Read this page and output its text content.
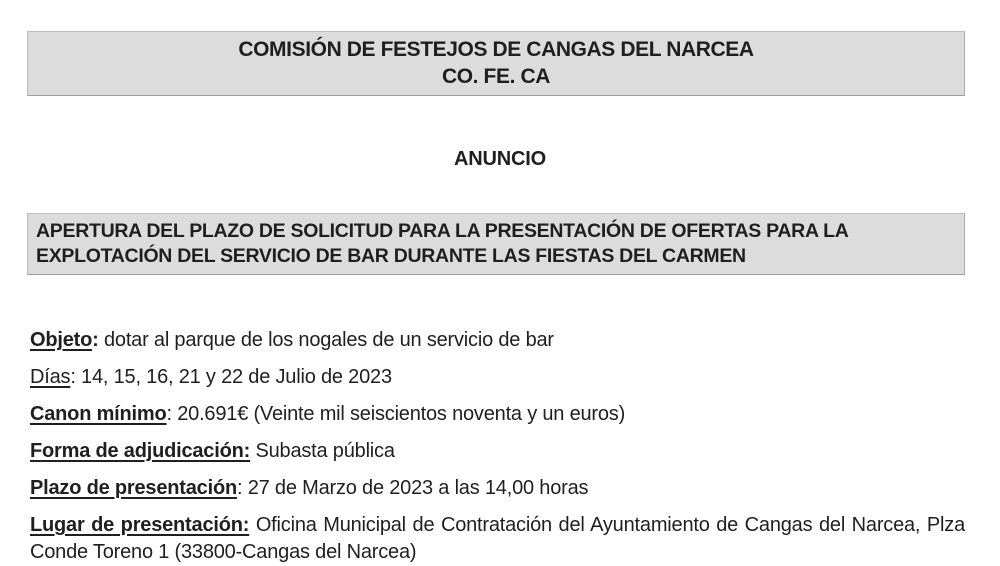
COMISIÓN DE FESTEJOS DE CANGAS DEL NARCEA
CO. FE. CA
ANUNCIO
APERTURA DEL PLAZO DE SOLICITUD PARA LA PRESENTACIÓN DE OFERTAS PARA LA EXPLOTACIÓN DEL SERVICIO DE BAR DURANTE LAS FIESTAS DEL CARMEN

Objeto: dotar al parque de los nogales de un servicio de bar

Días: 14, 15, 16, 21 y 22 de Julio de 2023

Canon mínimo: 20.691€ (Veinte mil seiscientos noventa y un euros)

Forma de adjudicación: Subasta pública

Plazo de presentación: 27 de Marzo de 2023 a las 14,00 horas

Lugar de presentación: Oficina Municipal de Contratación del Ayuntamiento de Cangas del Narcea, Plza Conde Toreno 1 (33800-Cangas del Narcea)
